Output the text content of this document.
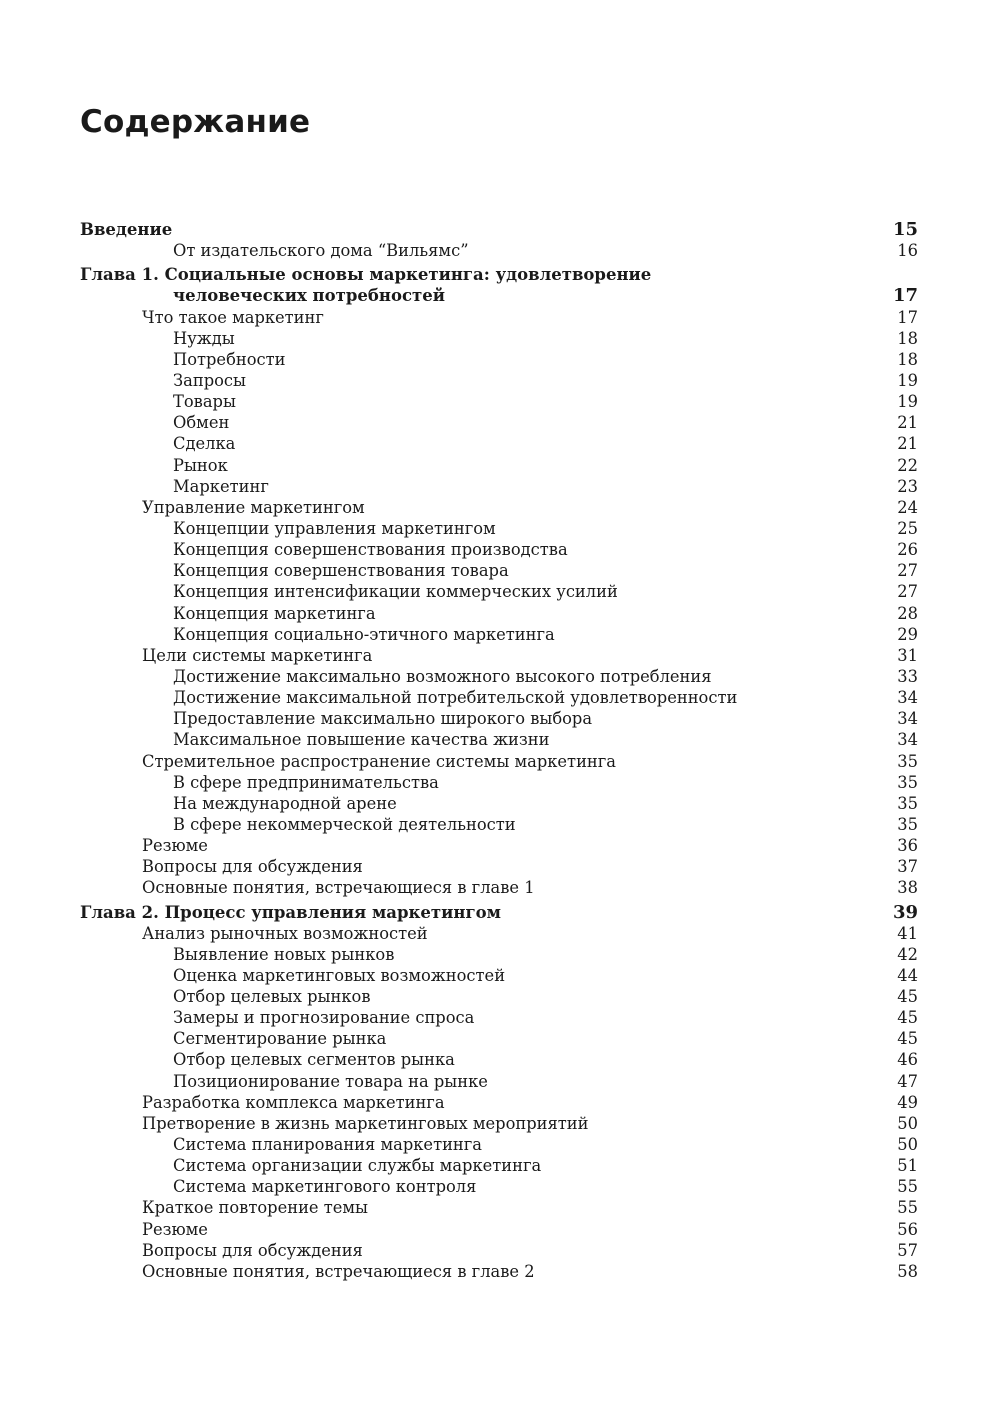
Содержание
Введение	15
От издательского дома “Вильямс”	16
Глава 1. Социальные основы маркетинга: удовлетворение
человеческих потребностей	17
Что такое маркетинг	17
Нужды	18
Потребности	18
Запросы	19
Товары	19
Обмен	21
Сделка	21
Рынок	22
Маркетинг	23
Управление маркетингом	24
Концепции управления маркетингом	25
Концепция совершенствования производства	26
Концепция совершенствования товара	27
Концепция интенсификации коммерческих усилий	27
Концепция маркетинга	28
Концепция социально-этичного маркетинга	29
Цели системы маркетинга	31
Достижение максимально возможного высокого потребления	33
Достижение максимальной потребительской удовлетворенности	34
Предоставление максимально широкого выбора	34
Максимальное повышение качества жизни	34
Стремительное распространение системы маркетинга	35
В сфере предпринимательства	35
На международной арене	35
В сфере некоммерческой деятельности	35
Резюме	36
Вопросы для обсуждения	37
Основные понятия, встречающиеся в главе 1	38
Глава 2. Процесс управления маркетингом	39
Анализ рыночных возможностей	41
Выявление новых рынков	42
Оценка маркетинговых возможностей	44
Отбор целевых рынков	45
Замеры и прогнозирование спроса	45
Сегментирование рынка	45
Отбор целевых сегментов рынка	46
Позиционирование товара на рынке	47
Разработка комплекса маркетинга	49
Претворение в жизнь маркетинговых мероприятий	50
Система планирования маркетинга	50
Система организации службы маркетинга	51
Система маркетингового контроля	55
Краткое повторение темы	55
Резюме	56
Вопросы для обсуждения	57
Основные понятия, встречающиеся в главе 2	58
